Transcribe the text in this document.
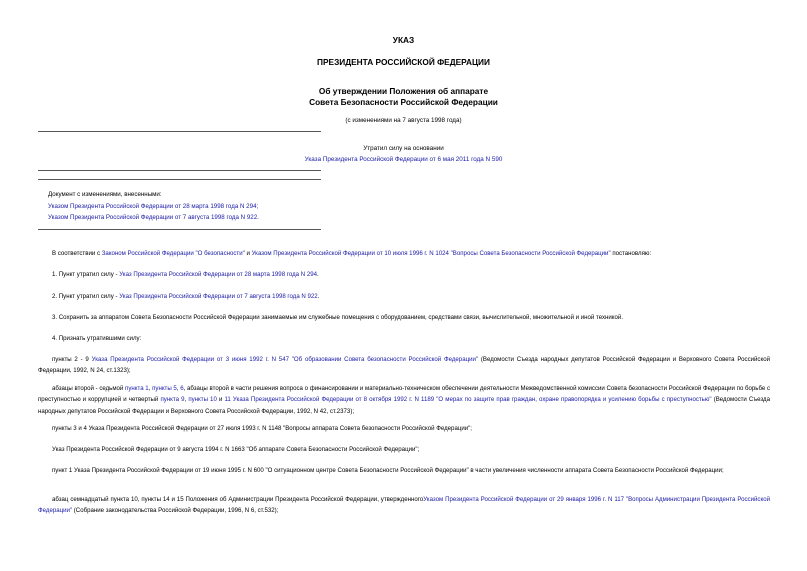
УКАЗ
ПРЕЗИДЕНТА РОССИЙСКОЙ ФЕДЕРАЦИИ
Об утверждении Положения об аппарате
Совета Безопасности Российской Федерации
(с изменениями на 7 августа 1998 года)
Утратил силу на основании
Указа Президента Российской Федерации от 6 мая 2011 года N 590
Документ с изменениями, внесенными:
Указом Президента Российской Федерации от 28 марта 1998 года N 294;
Указом Президента Российской Федерации от 7 августа 1998 года N 922.
В соответствии с Законом Российской Федерации "О безопасности" и Указом Президента Российской Федерации от 10 июля 1996 г. N 1024 "Вопросы Совета Безопасности Российской Федерации" постановляю:
1. Пункт утратил силу - Указ Президента Российской Федерации от 28 марта 1998 года N 294.
2. Пункт утратил силу - Указ Президента Российской Федерации от 7 августа 1998 года N 922.
3. Сохранить за аппаратом Совета Безопасности Российской Федерации занимаемые им служебные помещения с оборудованием, средствами связи, вычислительной, множительной и иной техникой.
4. Признать утратившими силу:
пункты 2 - 9 Указа Президента Российской Федерации от 3 июня 1992 г. N 547 "Об образовании Совета безопасности Российской Федерации" (Ведомости Съезда народных депутатов Российской Федерации и Верховного Совета Российской Федерации, 1992, N 24, ст.1323);
абзацы второй - седьмой пункта 1, пункты 5, 6, абзацы второй в части решения вопроса о финансировании и материально-техническом обеспечении деятельности Межведомственной комиссии Совета безопасности Российской Федерации по борьбе с преступностью и коррупцией и четвертый пункта 9, пункты 10 и 11 Указа Президента Российской Федерации от 8 октября 1992 г. N 1189 "О мерах по защите прав граждан, охране правопорядка и усилению борьбы с преступностью" (Ведомости Съезда народных депутатов Российской Федерации и Верховного Совета Российской Федерации, 1992, N 42, ст.2373);
пункты 3 и 4 Указа Президента Российской Федерации от 27 июля 1993 г. N 1148 "Вопросы аппарата Совета безопасности Российской Федерации";
Указ Президента Российской Федерации от 9 августа 1994 г. N 1663 "Об аппарате Совета Безопасности Российской Федерации";
пункт 1 Указа Президента Российской Федерации от 19 июня 1995 г. N 600 "О ситуационном центре Совета Безопасности Российской Федерации" в части увеличения численности аппарата Совета Безопасности Российской Федерации;
абзац семнадцатый пункта 10, пункты 14 и 15 Положения об Администрации Президента Российской Федерации, утвержденногоУказом Президента Российской Федерации от 29 января 1996 г. N 117 "Вопросы Администрации Президента Российской Федерации" (Собрание законодательства Российской Федерации, 1996, N 6, ст.532);
